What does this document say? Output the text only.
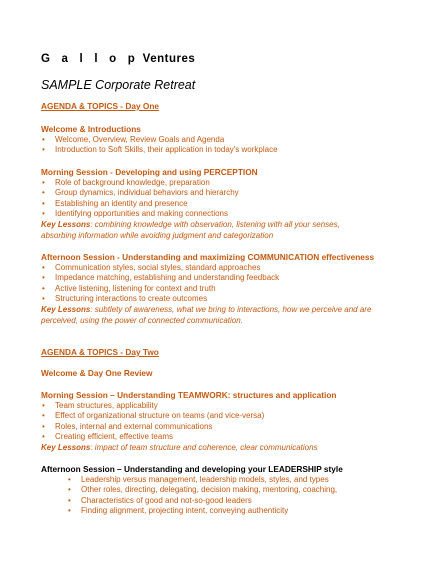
G a l l o p Ventures
SAMPLE Corporate Retreat
AGENDA & TOPICS - Day One
Welcome & Introductions
• Welcome, Overview, Review Goals and Agenda
• Introduction to Soft Skills, their application in today's workplace
Morning Session - Developing and using PERCEPTION
• Role of background knowledge, preparation
• Group dynamics, individual behaviors and hierarchy
• Establishing an identity and presence
• Identifying opportunities and making connections
Key Lessons: combining knowledge with observation, listening with all your senses,
absorbing information while avoiding judgment and categorization
Afternoon Session - Understanding and maximizing COMMUNICATION effectiveness
• Communication styles, social styles, standard approaches
• Impedance matching, establishing and understanding feedback
• Active listening, listening for context and truth
• Structuring interactions to create outcomes
Key Lessons: subtlety of awareness, what we bring to interactions, how we perceive and are
perceived, using the power of connected communication.
AGENDA & TOPICS - Day Two
Welcome & Day One Review
Morning Session – Understanding TEAMWORK: structures and application
• Team structures, applicability
• Effect of organizational structure on teams (and vice-versa)
• Roles, internal and external communications
• Creating efficient, effective teams
Key Lessons: impact of team structure and coherence, clear communications
Afternoon Session – Understanding and developing your LEADERSHIP style
• Leadership versus management, leadership models, styles, and types
• Other roles, directing, delegating, decision making, mentoring, coaching,
• Characteristics of good and not-so-good leaders
• Finding alignment, projecting intent, conveying authenticity
